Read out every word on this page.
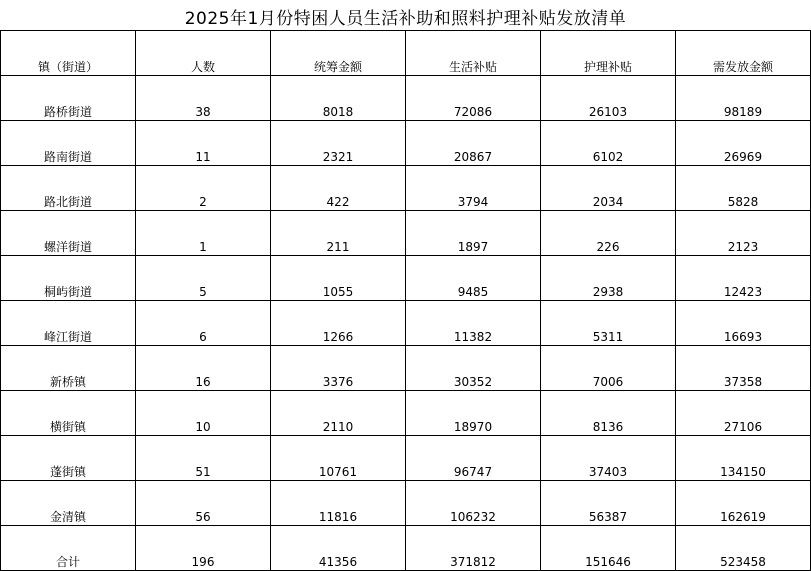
2025年1月份特困人员生活补助和照料护理补贴发放清单
镇（街道）	人数	统筹金额	生活补贴	护理补贴	需发放金额

路桥街道	38	8018	72086	26103	98189

路南街道	11	2321	20867	6102	26969

路北街道	2	422	3794	2034	5828

螺洋街道	1	211	1897	226	2123

桐屿街道	5	1055	9485	2938	12423

峰江街道	6	1266	11382	5311	16693

新桥镇	16	3376	30352	7006	37358

横街镇	10	2110	18970	8136	27106

蓬街镇	51	10761	96747	37403	134150

金清镇	56	11816	106232	56387	162619

合计	196	41356	371812	151646	523458
